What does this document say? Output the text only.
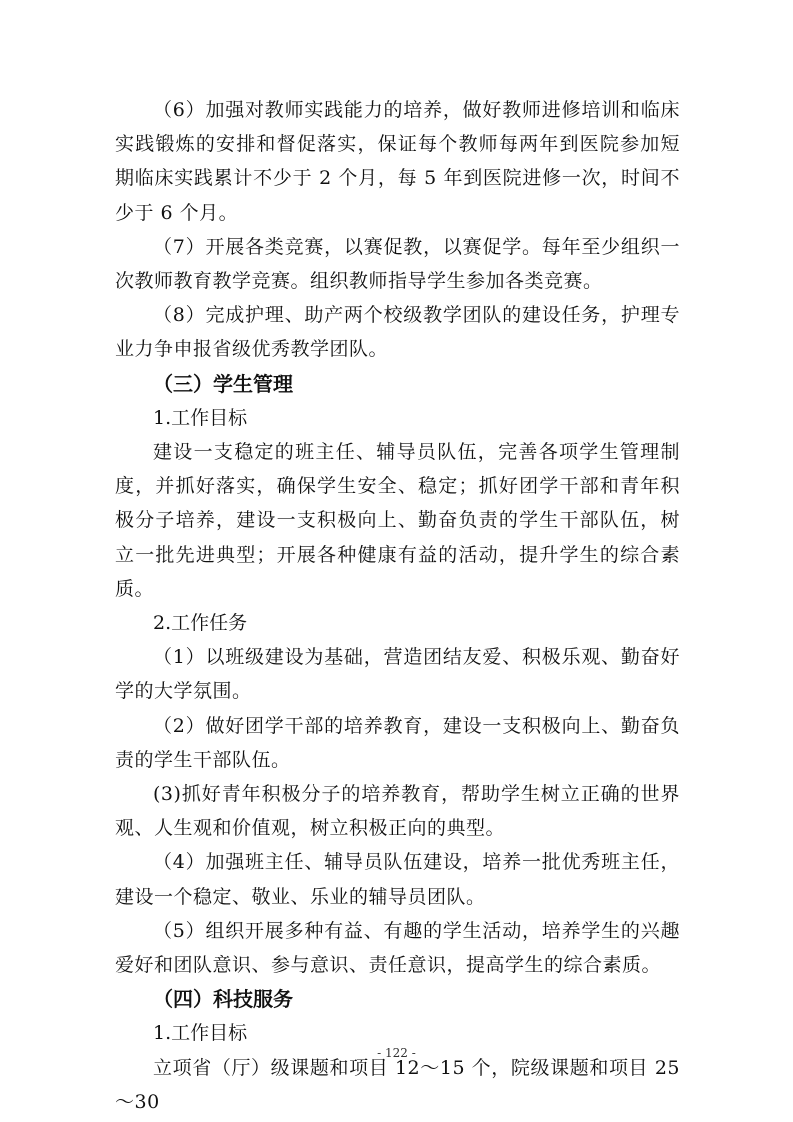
（6）加强对教师实践能力的培养，做好教师进修培训和临床实践锻炼的安排和督促落实，保证每个教师每两年到医院参加短期临床实践累计不少于 2 个月，每 5 年到医院进修一次，时间不少于 6 个月。

（7）开展各类竞赛，以赛促教，以赛促学。每年至少组织一次教师教育教学竞赛。组织教师指导学生参加各类竞赛。

（8）完成护理、助产两个校级教学团队的建设任务，护理专业力争申报省级优秀教学团队。

（三）学生管理

1.工作目标

建设一支稳定的班主任、辅导员队伍，完善各项学生管理制度，并抓好落实，确保学生安全、稳定；抓好团学干部和青年积极分子培养，建设一支积极向上、勤奋负责的学生干部队伍，树立一批先进典型；开展各种健康有益的活动，提升学生的综合素质。

2.工作任务

（1）以班级建设为基础，营造团结友爱、积极乐观、勤奋好学的大学氛围。

（2）做好团学干部的培养教育，建设一支积极向上、勤奋负责的学生干部队伍。

(3)抓好青年积极分子的培养教育，帮助学生树立正确的世界观、人生观和价值观，树立积极正向的典型。

（4）加强班主任、辅导员队伍建设，培养一批优秀班主任，建设一个稳定、敬业、乐业的辅导员团队。

（5）组织开展多种有益、有趣的学生活动，培养学生的兴趣爱好和团队意识、参与意识、责任意识，提高学生的综合素质。

（四）科技服务

1.工作目标

立项省（厅）级课题和项目 12～15 个，院级课题和项目 25～30

- 122 -
